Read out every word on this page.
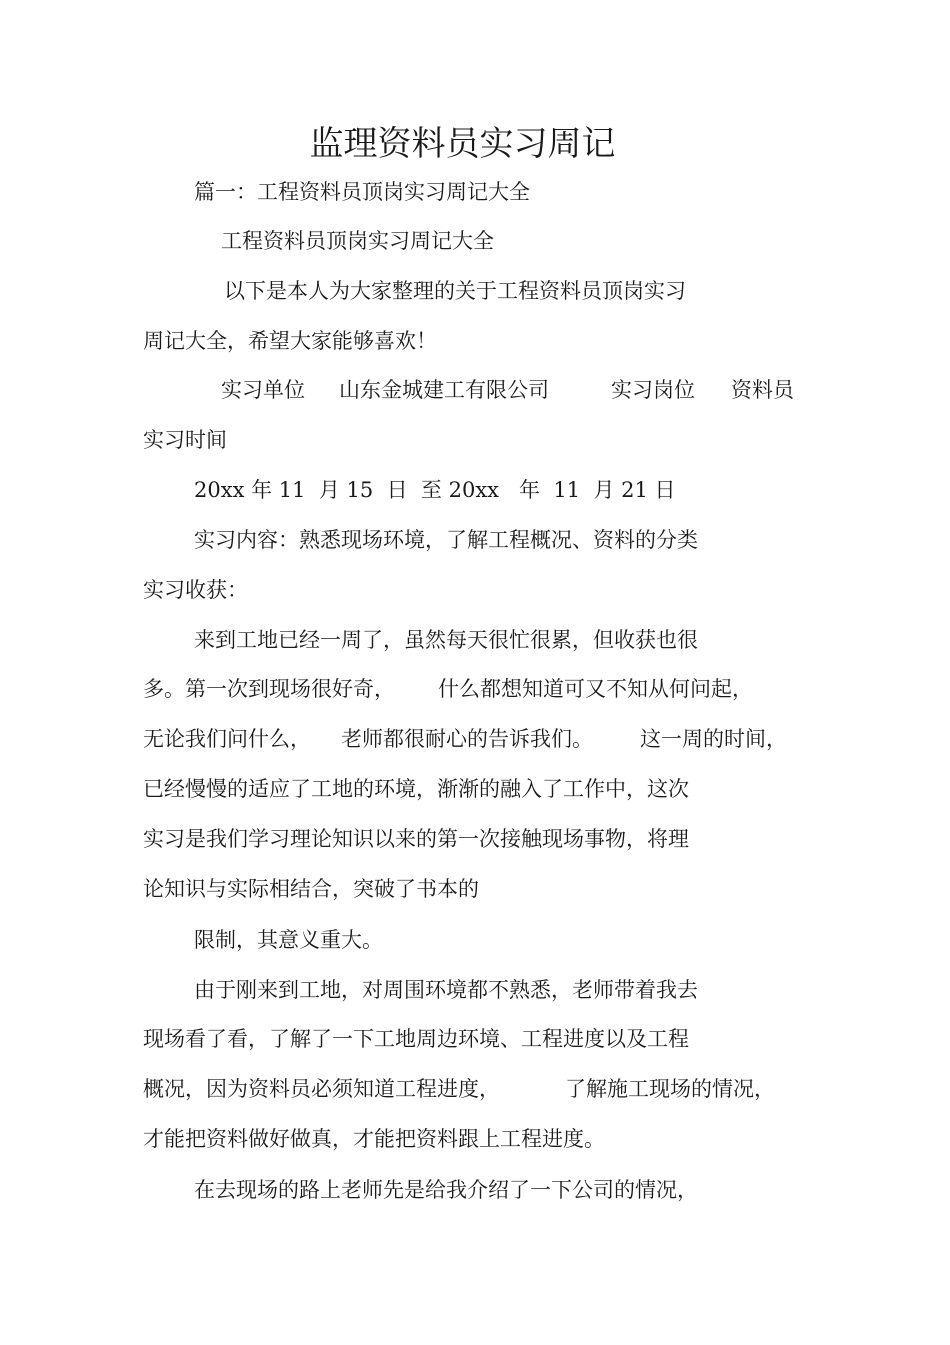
监理资料员实习周记
篇一：工程资料员顶岗实习周记大全
工程资料员顶岗实习周记大全
以下是本人为大家整理的关于工程资料员顶岗实习
周记大全，希望大家能够喜欢！
实习单位 山东金城建工有限公司	实习岗位 资料员
实习时间
20xx 年 11  月 15  日  至 20xx   年  11  月 21 日
实习内容：熟悉现场环境，了解工程概况、资料的分类
实习收获：
来到工地已经一周了，虽然每天很忙很累，但收获也很
多。第一次到现场很好奇， 什么都想知道可又不知从何问起，
无论我们问什么， 老师都很耐心的告诉我们。 这一周的时间，
已经慢慢的适应了工地的环境，渐渐的融入了工作中，这次
实习是我们学习理论知识以来的第一次接触现场事物，将理
论知识与实际相结合，突破了书本的
限制，其意义重大。
由于刚来到工地，对周围环境都不熟悉，老师带着我去
现场看了看，了解了一下工地周边环境、工程进度以及工程
概况，因为资料员必须知道工程进度，	了解施工现场的情况，
才能把资料做好做真，才能把资料跟上工程进度。
在去现场的路上老师先是给我介绍了一下公司的情况，
